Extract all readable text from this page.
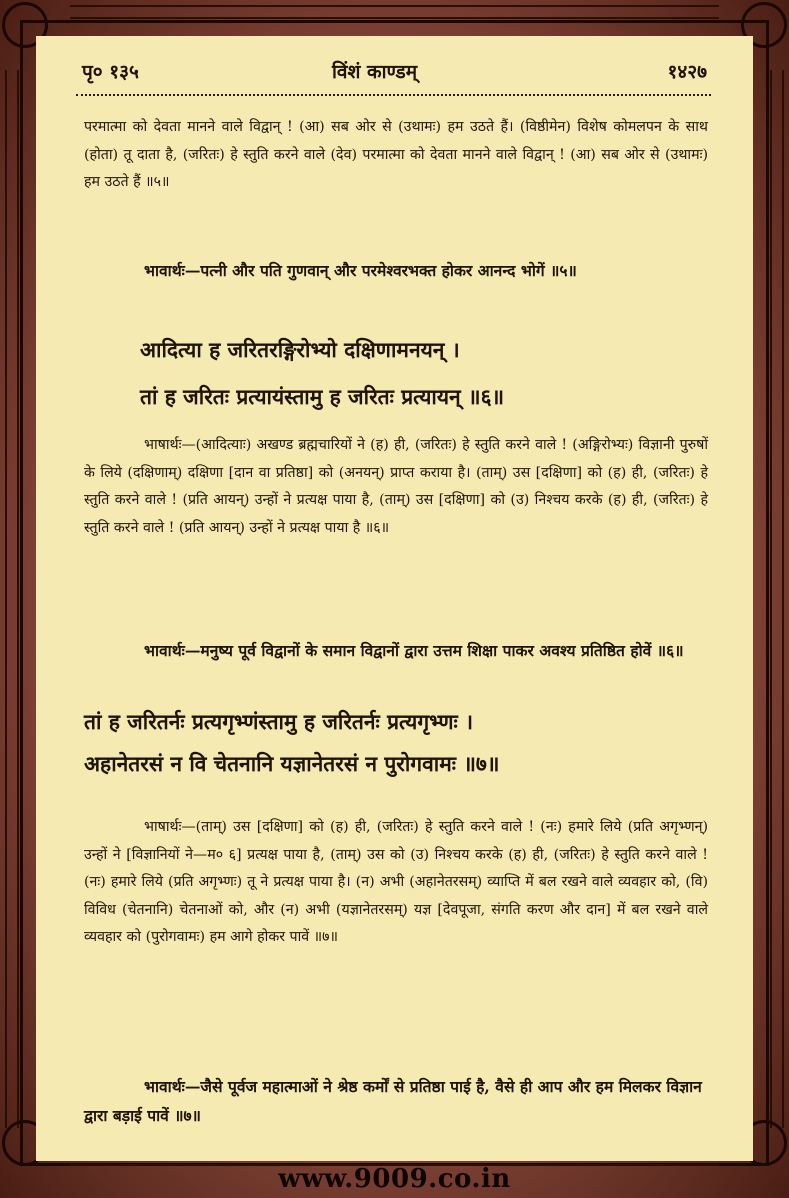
पृ० १३५	विंशं काण्डम्	१४२७
परमात्मा को देवता मानने वाले विद्वान् ! (आ) सब ओर से (उथामः) हम उठते हैं। (विष्ठीमेन) विशेष कोमलपन के साथ (होता) तू दाता है, (जरितः) हे स्तुति करने वाले (देव) परमात्मा को देवता मानने वाले विद्वान् ! (आ) सब ओर से (उथामः) हम उठते हैं ॥५॥
भावार्थः—पत्नी और पति गुणवान् और परमेश्वरभक्त होकर आनन्द भोगें ॥५॥
आदित्या ह जरितरङ्गिरोभ्यो दक्षिणामनयन् ।
तां ह जरितः प्रत्यायंस्तामु ह जरितः प्रत्यायन् ॥६॥
भाषार्थः—(आदित्याः) अखण्ड ब्रह्मचारियों ने (ह) ही, (जरितः) हे स्तुति करने वाले ! (अङ्गिरोभ्यः) विज्ञानी पुरुषों के लिये (दक्षिणाम्) दक्षिणा [दान वा प्रतिष्ठा] को (अनयन्) प्राप्त कराया है। (ताम्) उस [दक्षिणा] को (ह) ही, (जरितः) हे स्तुति करने वाले ! (प्रति आयन्) उन्हों ने प्रत्यक्ष पाया है, (ताम्) उस [दक्षिणा] को (उ) निश्चय करके (ह) ही, (जरितः) हे स्तुति करने वाले ! (प्रति आयन्) उन्हों ने प्रत्यक्ष पाया है ॥६॥
भावार्थः—मनुष्य पूर्व विद्वानों के समान विद्वानों द्वारा उत्तम शिक्षा पाकर अवश्य प्रतिष्ठित होवें ॥६॥
तां ह जरितर्नः प्रत्यगृभ्णंस्तामु ह जरितर्नः प्रत्यगृभ्णः ।
अहानेतरसं न वि चेतनानि यज्ञानेतरसं न पुरोगवामः ॥७॥
भाषार्थः—(ताम्) उस [दक्षिणा] को (ह) ही, (जरितः) हे स्तुति करने वाले ! (नः) हमारे लिये (प्रति अगृभ्णन्) उन्हों ने [विज्ञानियों ने—म० ६] प्रत्यक्ष पाया है, (ताम्) उस को (उ) निश्चय करके (ह) ही, (जरितः) हे स्तुति करने वाले ! (नः) हमारे लिये (प्रति अगृभ्णः) तू ने प्रत्यक्ष पाया है। (न) अभी (अहानेतरसम्) व्याप्ति में बल रखने वाले व्यवहार को, (वि) विविध (चेतनानि) चेतनाओं को, और (न) अभी (यज्ञानेतरसम्) यज्ञ [देवपूजा, संगति करण और दान] में बल रखने वाले व्यवहार को (पुरोगवामः) हम आगे होकर पावें ॥७॥
भावार्थः—जैसे पूर्वज महात्माओं ने श्रेष्ठ कर्मों से प्रतिष्ठा पाई है, वैसे ही आप और हम मिलकर विज्ञान द्वारा बड़ाई पावें ॥७॥
www.9009.co.in
